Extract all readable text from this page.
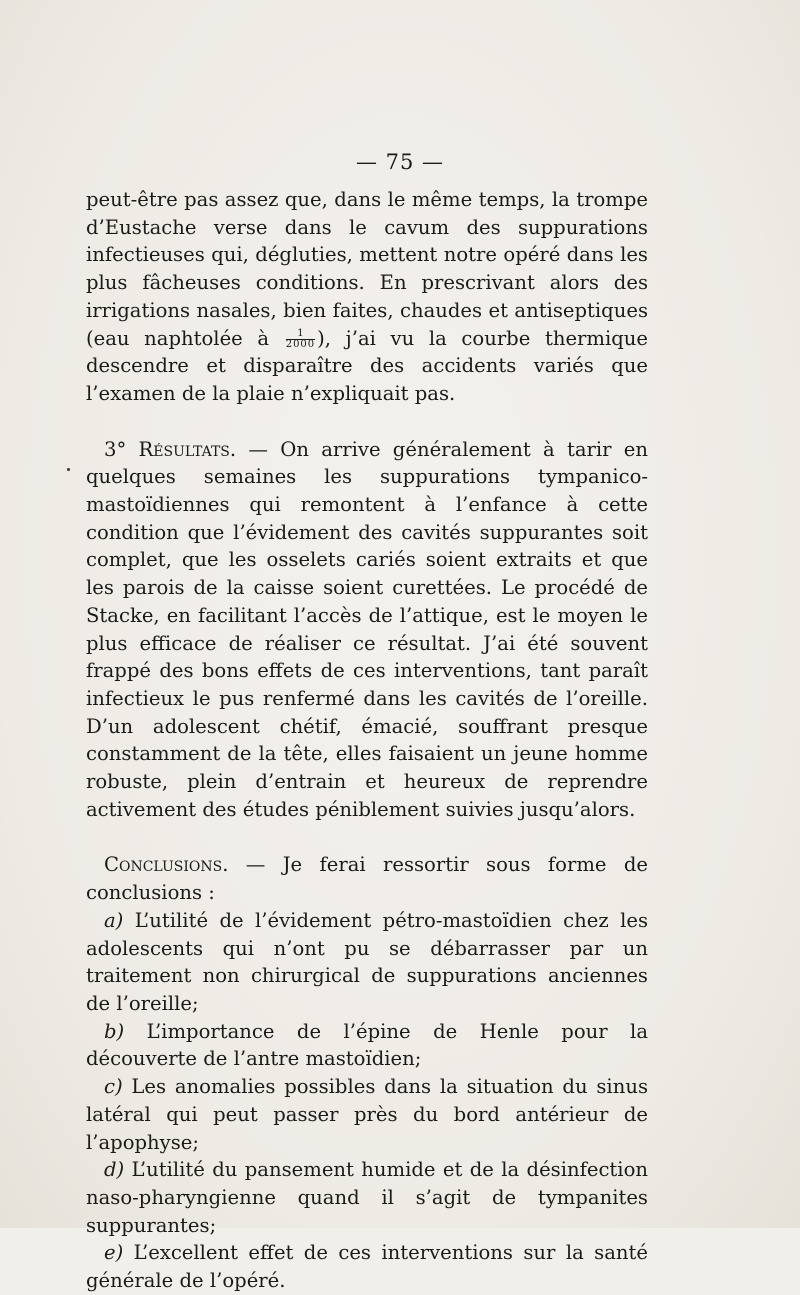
— 75 —

peut-être pas assez que, dans le même temps, la trompe d’Eustache verse dans le cavum des suppurations infectieuses qui, dégluties, mettent notre opéré dans les plus fâcheuses conditions. En prescrivant alors des irrigations nasales, bien faites, chaudes et antiseptiques (eau naphtolée à $\frac{1}{2000}$ ), j’ai vu la courbe thermique descendre et disparaître des accidents variés que l’examen de la plaie n’expliquait pas.

3° Résultats. — On arrive généralement à tarir en quelques semaines les suppurations tympanico-mastoïdiennes qui remontent à l’enfance à cette condition que l’évidement des cavités suppurantes soit complet, que les osselets cariés soient extraits et que les parois de la caisse soient curettées. Le procédé de Stacke, en facilitant l’accès de l’attique, est le moyen le plus efficace de réaliser ce résultat. J’ai été souvent frappé des bons effets de ces interventions, tant paraît infectieux le pus renfermé dans les cavités de l’oreille. D’un adolescent chétif, émacié, souffrant presque constamment de la tête, elles faisaient un jeune homme robuste, plein d’entrain et heureux de reprendre activement des études péniblement suivies jusqu’alors.

Conclusions. — Je ferai ressortir sous forme de conclusions :

a) L’utilité de l’évidement pétro-mastoïdien chez les adolescents qui n’ont pu se débarrasser par un traitement non chirurgical de suppurations anciennes de l’oreille;

b) L’importance de l’épine de Henle pour la découverte de l’antre mastoïdien;

c) Les anomalies possibles dans la situation du sinus latéral qui peut passer près du bord antérieur de l’apophyse;

d) L’utilité du pansement humide et de la désinfection naso-pharyngienne quand il s’agit de tympanites suppurantes;

e) L’excellent effet de ces interventions sur la santé générale de l’opéré.
